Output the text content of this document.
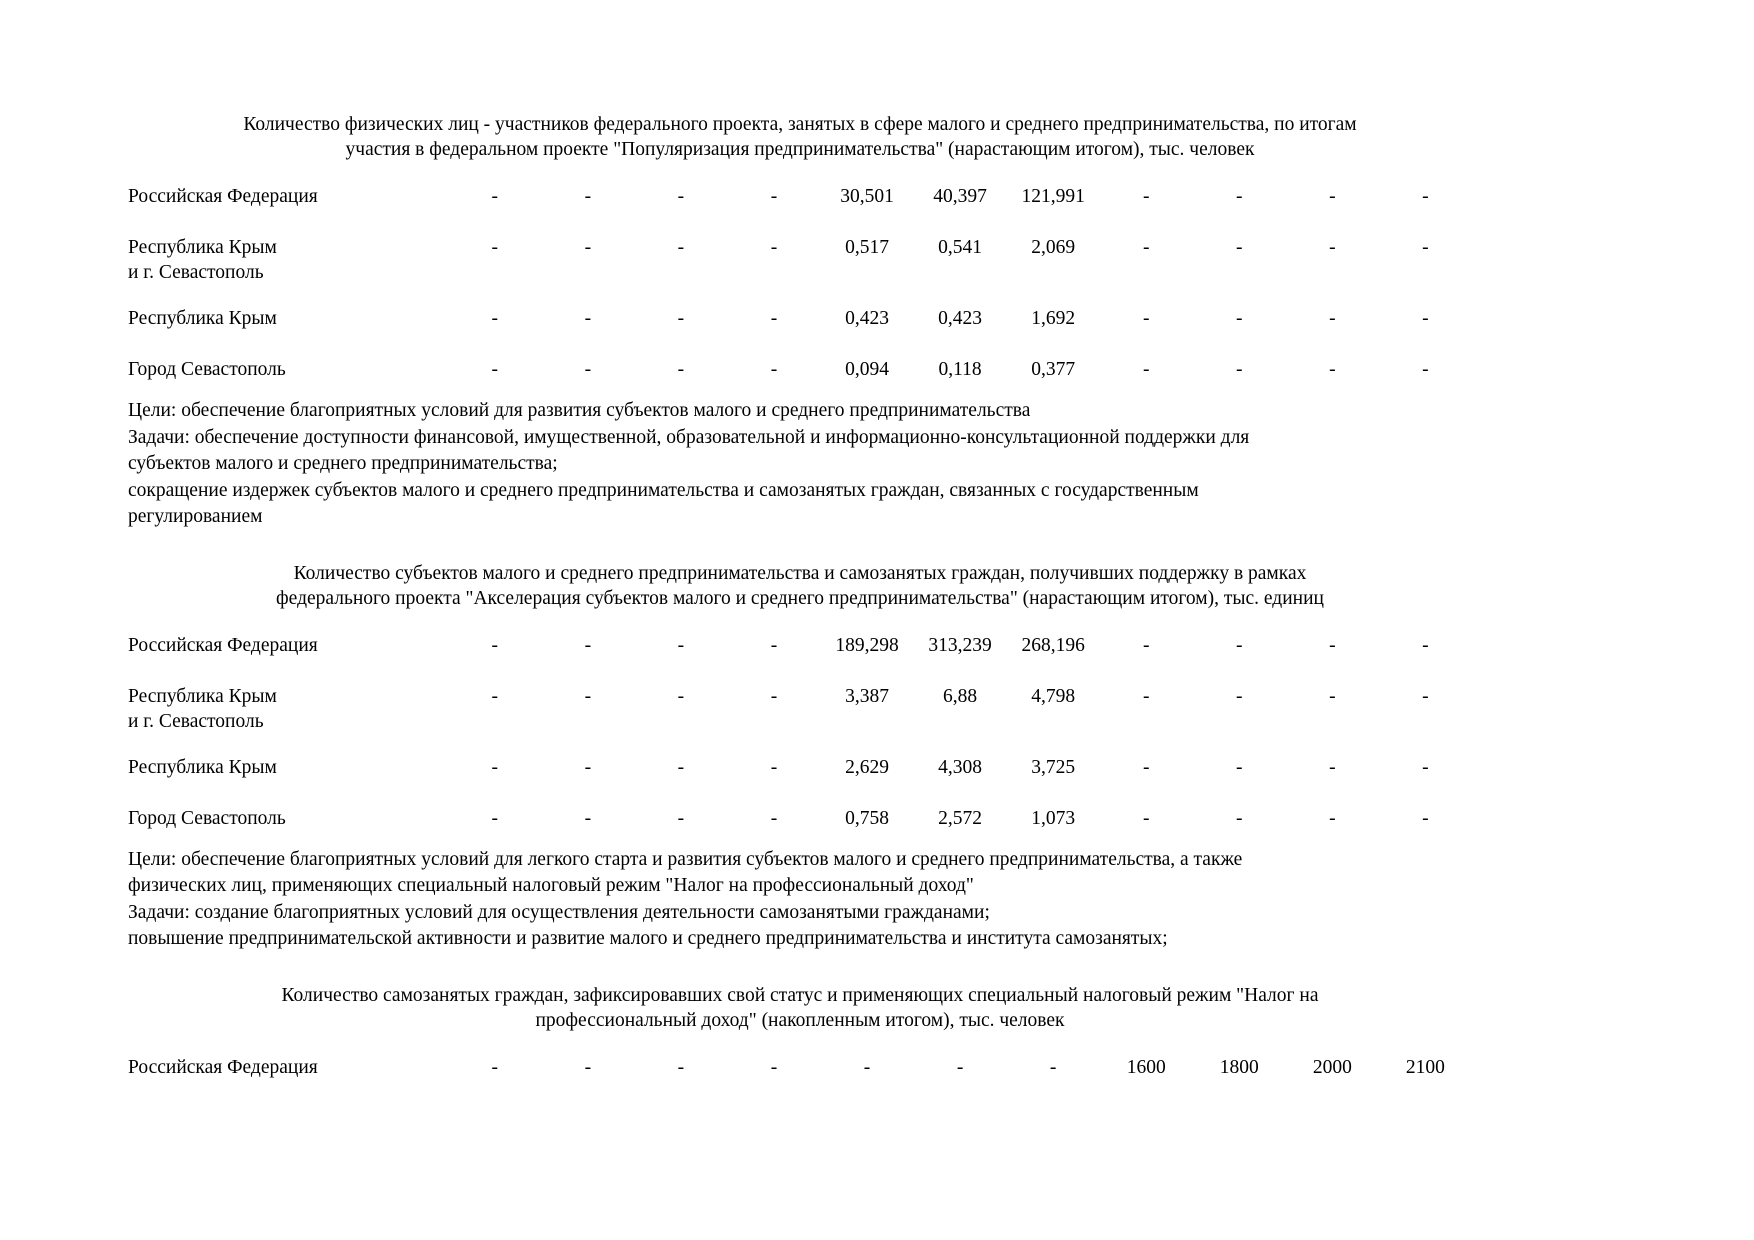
Количество физических лиц - участников федерального проекта, занятых в сфере малого и среднего предпринимательства, по итогам
участия в федеральном проекте "Популяризация предпринимательства" (нарастающим итогом), тыс. человек
Российская Федерация	-	-	-	-	30,501	40,397	121,991	-	-	-	-

Республика Крым
и г. Севастополь	-	-	-	-	0,517	0,541	2,069	-	-	-	-

Республика Крым	-	-	-	-	0,423	0,423	1,692	-	-	-	-

Город Севастополь	-	-	-	-	0,094	0,118	0,377	-	-	-	-

Цели: обеспечение благоприятных условий для развития субъектов малого и среднего предпринимательства

Задачи: обеспечение доступности финансовой, имущественной, образовательной и информационно-консультационной поддержки для

субъектов малого и среднего предпринимательства;

сокращение издержек субъектов малого и среднего предпринимательства и самозанятых граждан, связанных с государственным

регулированием

Количество субъектов малого и среднего предпринимательства и самозанятых граждан, получивших поддержку в рамках
федерального проекта "Акселерация субъектов малого и среднего предпринимательства" (нарастающим итогом), тыс. единиц
Российская Федерация	-	-	-	-	189,298	313,239	268,196	-	-	-	-

Республика Крым
и г. Севастополь	-	-	-	-	3,387	6,88	4,798	-	-	-	-

Республика Крым	-	-	-	-	2,629	4,308	3,725	-	-	-	-

Город Севастополь	-	-	-	-	0,758	2,572	1,073	-	-	-	-

Цели: обеспечение благоприятных условий для легкого старта и развития субъектов малого и среднего предпринимательства, а также

физических лиц, применяющих специальный налоговый режим "Налог на профессиональный доход"

Задачи: создание благоприятных условий для осуществления деятельности самозанятыми гражданами;

повышение предпринимательской активности и развитие малого и среднего предпринимательства и института самозанятых;

Количество самозанятых граждан, зафиксировавших свой статус и применяющих специальный налоговый режим "Налог на
профессиональный доход" (накопленным итогом), тыс. человек
Российская Федерация	-	-	-	-	-	-	-	1600	1800	2000	2100
